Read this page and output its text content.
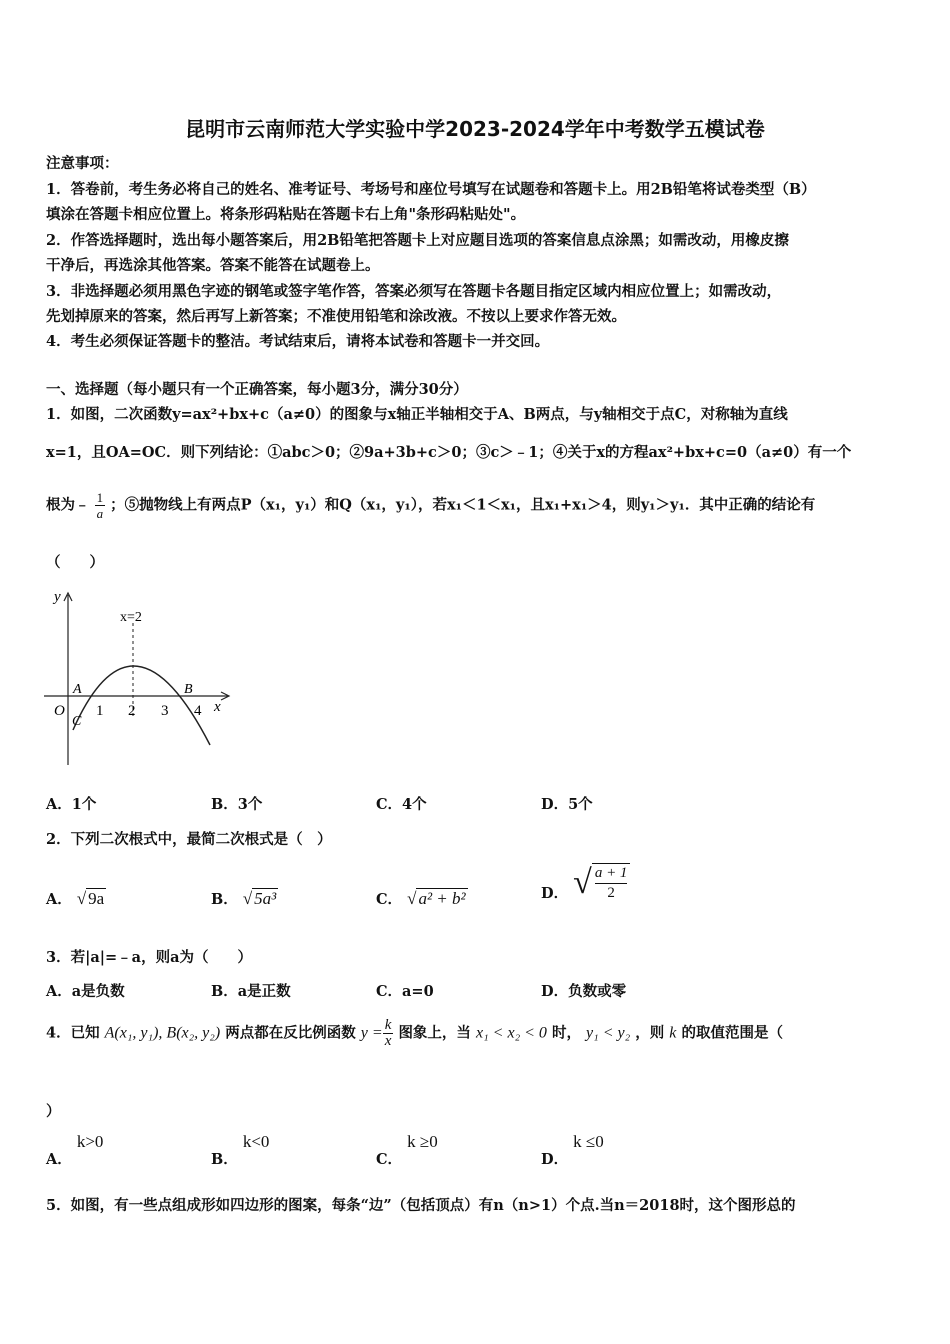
昆明市云南师范大学实验中学2023-2024学年中考数学五模试卷
注意事项：
1．答卷前，考生务必将自己的姓名、准考证号、考场号和座位号填写在试题卷和答题卡上。用2B铅笔将试卷类型（B）
填涂在答题卡相应位置上。将条形码粘贴在答题卡右上角"条形码粘贴处"。
2．作答选择题时，选出每小题答案后，用2B铅笔把答题卡上对应题目选项的答案信息点涂黑；如需改动，用橡皮擦
干净后，再选涂其他答案。答案不能答在试题卷上。
3．非选择题必须用黑色字迹的钢笔或签字笔作答，答案必须写在答题卡各题目指定区域内相应位置上；如需改动，
先划掉原来的答案，然后再写上新答案；不准使用铅笔和涂改液。不按以上要求作答无效。
4．考生必须保证答题卡的整洁。考试结束后，请将本试卷和答题卡一并交回。
一、选择题（每小题只有一个正确答案，每小题3分，满分30分）
1．如图，二次函数y=ax²+bx+c（a≠0）的图象与x轴正半轴相交于A、B两点，与y轴相交于点C，对称轴为直线
x=1，且OA=OC．则下列结论：①abc＞0；②9a+3b+c＞0；③c＞﹣1；④关于x的方程ax²+bx+c=0（a≠0）有一个
根为﹣ $\frac{1}{a}$ ；⑤抛物线上有两点P（x₁，y₁）和Q（x₁，y₁），若x₁＜1＜x₁，且x₁+x₁＞4，则y₁＞y₁．其中正确的结论有
（　　）
y
x
x=2
O
A	B
C
1 2 3 4
A．1个	B．3个	C．4个	D．5个
2．下列二次根式中，最简二次根式是（　）
A． √ 9a	B． √ 5a³	C． √ a² + b²	D． √ $\frac{a + 1}{2}$
3．若|a|=﹣a，则a为（　　）
A．a是负数	B．a是正数	C．a=0	D．负数或零
4．已知 A(x₁, y₁), B(x₂, y₂) 两点都在反比例函数 $y = \frac{k}{x}$ 图象上，当 x₁ < x₂ < 0 时， y₁ < y₂ ，则 k 的取值范围是（
）
A． k>0
B． k<0
C． k ≥0
D． k ≤0
5．如图，有一些点组成形如四边形的图案，每条“边”（包括顶点）有n（n>1）个点.当n＝2018时，这个图形总的
